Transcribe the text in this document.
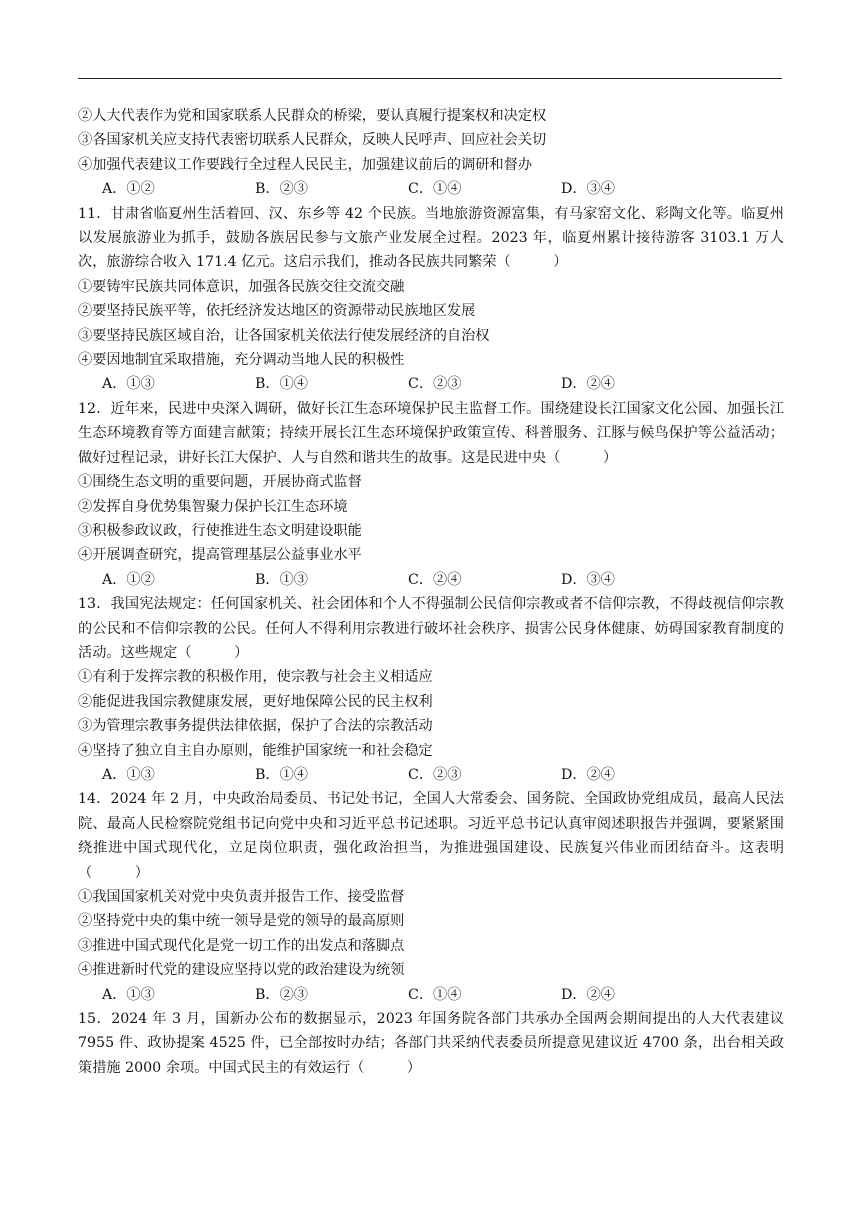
②人大代表作为党和国家联系人民群众的桥梁，要认真履行提案权和决定权
③各国家机关应支持代表密切联系人民群众，反映人民呼声、回应社会关切
④加强代表建议工作要践行全过程人民民主，加强建议前后的调研和督办
A．①②	B．②③	C．①④	D．③④
11．甘肃省临夏州生活着回、汉、东乡等 42 个民族。当地旅游资源富集，有马家窑文化、彩陶文化等。临夏州以发展旅游业为抓手，鼓励各族居民参与文旅产业发展全过程。2023 年，临夏州累计接待游客 3103.1 万人次，旅游综合收入 171.4 亿元。这启示我们，推动各民族共同繁荣（　　　）
①要铸牢民族共同体意识，加强各民族交往交流交融
②要坚持民族平等，依托经济发达地区的资源带动民族地区发展
③要坚持民族区域自治，让各国家机关依法行使发展经济的自治权
④要因地制宜采取措施，充分调动当地人民的积极性
A．①③	B．①④	C．②③	D．②④
12．近年来，民进中央深入调研，做好长江生态环境保护民主监督工作。围绕建设长江国家文化公园、加强长江生态环境教育等方面建言献策；持续开展长江生态环境保护政策宣传、科普服务、江豚与候鸟保护等公益活动；做好过程记录，讲好长江大保护、人与自然和谐共生的故事。这是民进中央（　　　）
①围绕生态文明的重要问题，开展协商式监督
②发挥自身优势集智聚力保护长江生态环境
③积极参政议政，行使推进生态文明建设职能
④开展调查研究，提高管理基层公益事业水平
A．①②	B．①③	C．②④	D．③④
13．我国宪法规定：任何国家机关、社会团体和个人不得强制公民信仰宗教或者不信仰宗教，不得歧视信仰宗教的公民和不信仰宗教的公民。任何人不得利用宗教进行破坏社会秩序、损害公民身体健康、妨碍国家教育制度的活动。这些规定（　　　）
①有利于发挥宗教的积极作用，使宗教与社会主义相适应
②能促进我国宗教健康发展，更好地保障公民的民主权利
③为管理宗教事务提供法律依据，保护了合法的宗教活动
④坚持了独立自主自办原则，能维护国家统一和社会稳定
A．①③	B．①④	C．②③	D．②④
14．2024 年 2 月，中央政治局委员、书记处书记，全国人大常委会、国务院、全国政协党组成员，最高人民法院、最高人民检察院党组书记向党中央和习近平总书记述职。习近平总书记认真审阅述职报告并强调，要紧紧围绕推进中国式现代化，立足岗位职责，强化政治担当，为推进强国建设、民族复兴伟业而团结奋斗。这表明（　　　）
①我国国家机关对党中央负责并报告工作、接受监督
②坚持党中央的集中统一领导是党的领导的最高原则
③推进中国式现代化是党一切工作的出发点和落脚点
④推进新时代党的建设应坚持以党的政治建设为统领
A．①③	B．②③	C．①④	D．②④
15．2024 年 3 月，国新办公布的数据显示，2023 年国务院各部门共承办全国两会期间提出的人大代表建议 7955 件、政协提案 4525 件，已全部按时办结；各部门共采纳代表委员所提意见建议近 4700 条，出台相关政策措施 2000 余项。中国式民主的有效运行（　　　）
